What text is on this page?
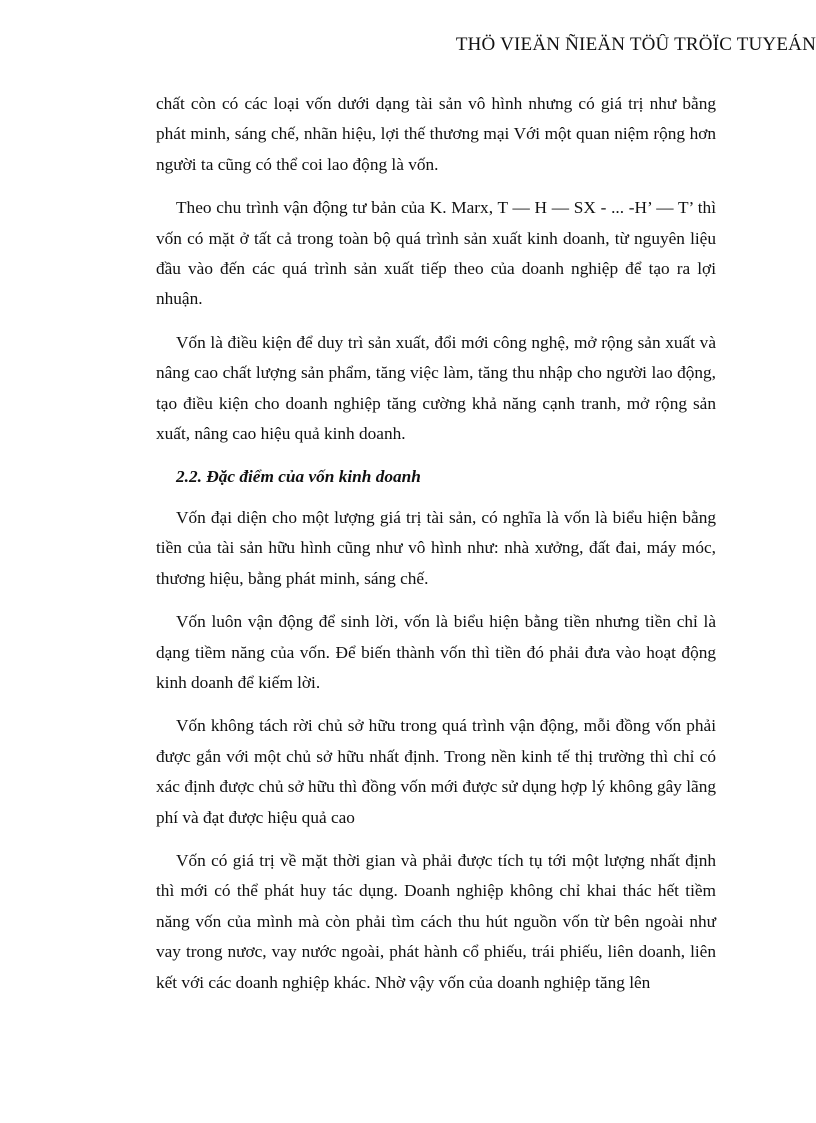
THÖ VIEÄN ÑIEÄN TÖÛ TRÖÏC TUYEÁN

chất còn có các loại vốn dưới dạng tài sản vô hình nhưng có giá trị như bằng phát minh, sáng chế, nhãn hiệu, lợi thế thương mại Với một quan niệm rộng hơn người ta cũng có thể coi lao động là vốn.

Theo chu trình vận động tư bản của K. Marx, T — H — SX - ... -H’ — T’ thì vốn có mặt ở tất cả trong toàn bộ quá trình sản xuất kinh doanh, từ nguyên liệu đầu vào đến các quá trình sản xuất tiếp theo của doanh nghiệp để tạo ra lợi nhuận.

Vốn là điều kiện để duy trì sản xuất, đổi mới công nghệ, mở rộng sản xuất và nâng cao chất lượng sản phẩm, tăng việc làm, tăng thu nhập cho người lao động, tạo điều kiện cho doanh nghiệp tăng cường khả năng cạnh tranh, mở rộng sản xuất, nâng cao hiệu quả kinh doanh.

2.2. Đặc điểm của vốn kinh doanh

Vốn đại diện cho một lượng giá trị tài sản, có nghĩa là vốn là biểu hiện bằng tiền của tài sản hữu hình cũng như vô hình như: nhà xưởng, đất đai, máy móc, thương hiệu, bằng phát minh, sáng chế.

Vốn luôn vận động để sinh lời, vốn là biểu hiện bằng tiền nhưng tiền chỉ là dạng tiềm năng của vốn. Để biến thành vốn thì tiền đó phải đưa vào hoạt động kinh doanh để kiếm lời.

Vốn không tách rời chủ sở hữu trong quá trình vận động, mỗi đồng vốn phải được gắn với một chủ sở hữu nhất định. Trong nền kinh tế thị trường thì chỉ có xác định được chủ sở hữu thì đồng vốn mới được sử dụng hợp lý không gây lãng phí và đạt được hiệu quả cao

Vốn có giá trị về mặt thời gian và phải được tích tụ tới một lượng nhất định thì mới có thể phát huy tác dụng. Doanh nghiệp không chỉ khai thác hết tiềm năng vốn của mình mà còn phải tìm cách thu hút nguồn vốn từ bên ngoài như vay trong nươc, vay nước ngoài, phát hành cổ phiếu, trái phiếu, liên doanh, liên kết với các doanh nghiệp khác. Nhờ vậy vốn của doanh nghiệp tăng lên
